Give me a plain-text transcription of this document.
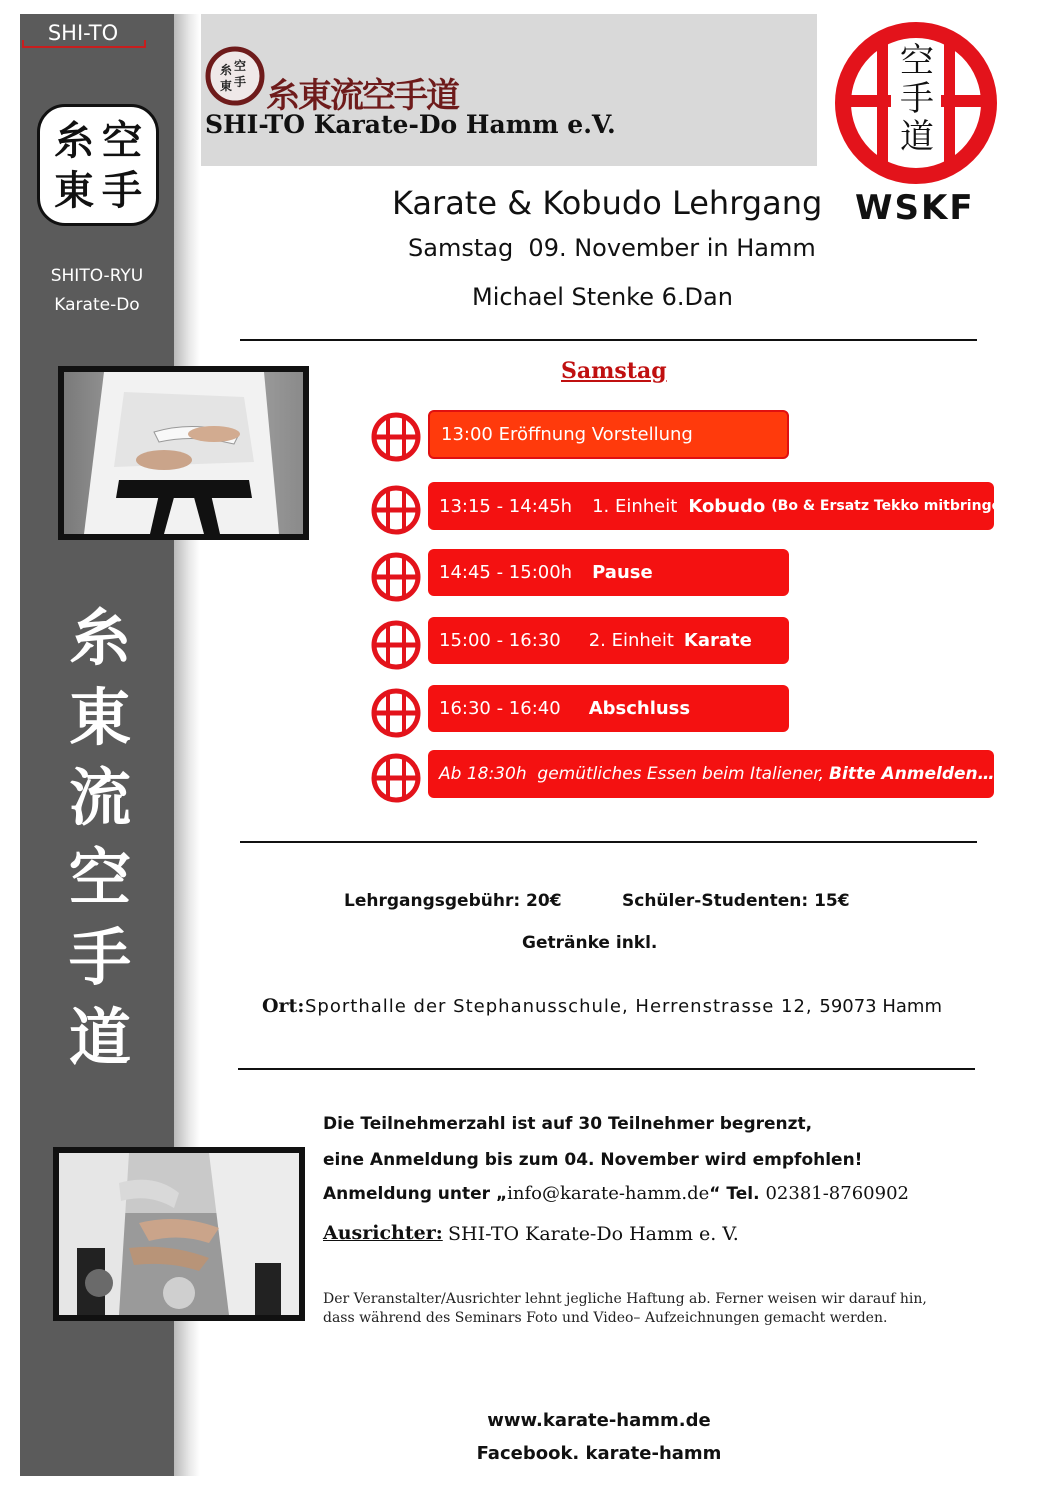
SHI-TO
空
手
糸
東
SHITO-RYU
Karate-Do
糸
東
流
空
手
道
空
手
糸
東 糸東流空手道
SHI-TO Karate-Do Hamm e.V.
空
手
道
WSKF
Karate & Kobudo Lehrgang
Samstag  09. November in Hamm
Michael Stenke 6.Dan
Samstag
13:00 Eröffnung Vorstellung
13:15 - 14:45h 1. Einheit Kobudo (Bo & Ersatz Tekko mitbringen)
14:45 - 15:00h Pause
15:00 - 16:30 2. Einheit Karate
16:30 - 16:40 Abschluss
Ab 18:30h  gemütliches Essen beim Italiener, Bitte Anmelden…
Lehrgangsgebühr: 20€	Schüler-Studenten: 15€
Getränke inkl.
Ort: Sporthalle der Stephanusschule, Herrenstrasse 12, 59073 Hamm
Die Teilnehmerzahl ist auf 30 Teilnehmer begrenzt,
eine Anmeldung bis zum 04. November wird empfohlen!
Anmeldung unter „info@karate-hamm.de“ Tel. 02381-8760902
Ausrichter: SHI-TO Karate-Do Hamm e. V.
Der Veranstalter/Ausrichter lehnt jegliche Haftung ab. Ferner weisen wir darauf hin,
dass während des Seminars Foto und Video– Aufzeichnungen gemacht werden.
www.karate-hamm.de
Facebook. karate-hamm
